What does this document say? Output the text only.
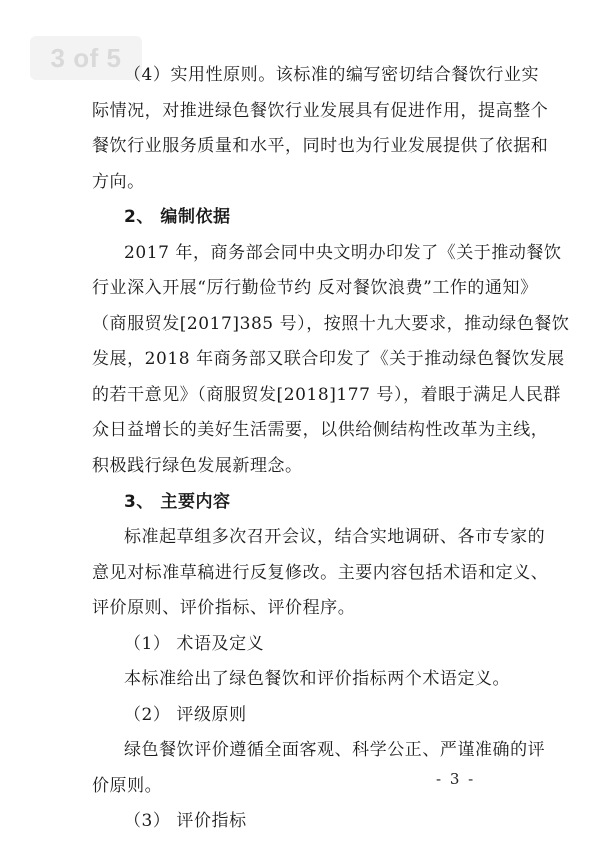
3 of 5
（4）实用性原则。该标准的编写密切结合餐饮行业实
际情况，对推进绿色餐饮行业发展具有促进作用，提高整个
餐饮行业服务质量和水平，同时也为行业发展提供了依据和
方向。
2、 编制依据
2017 年，商务部会同中央文明办印发了《关于推动餐饮
行业深入开展“厉行勤俭节约 反对餐饮浪费”工作的通知》
（商服贸发[2017]385 号），按照十九大要求，推动绿色餐饮
发展，2018 年商务部又联合印发了《关于推动绿色餐饮发展
的若干意见》（商服贸发[2018]177 号），着眼于满足人民群
众日益增长的美好生活需要，以供给侧结构性改革为主线，
积极践行绿色发展新理念。
3、 主要内容
标准起草组多次召开会议，结合实地调研、各市专家的
意见对标准草稿进行反复修改。主要内容包括术语和定义、
评价原则、评价指标、评价程序。
（1） 术语及定义
本标准给出了绿色餐饮和评价指标两个术语定义。
（2） 评级原则
绿色餐饮评价遵循全面客观、科学公正、严谨准确的评
价原则。
（3） 评价指标
- 3 -
